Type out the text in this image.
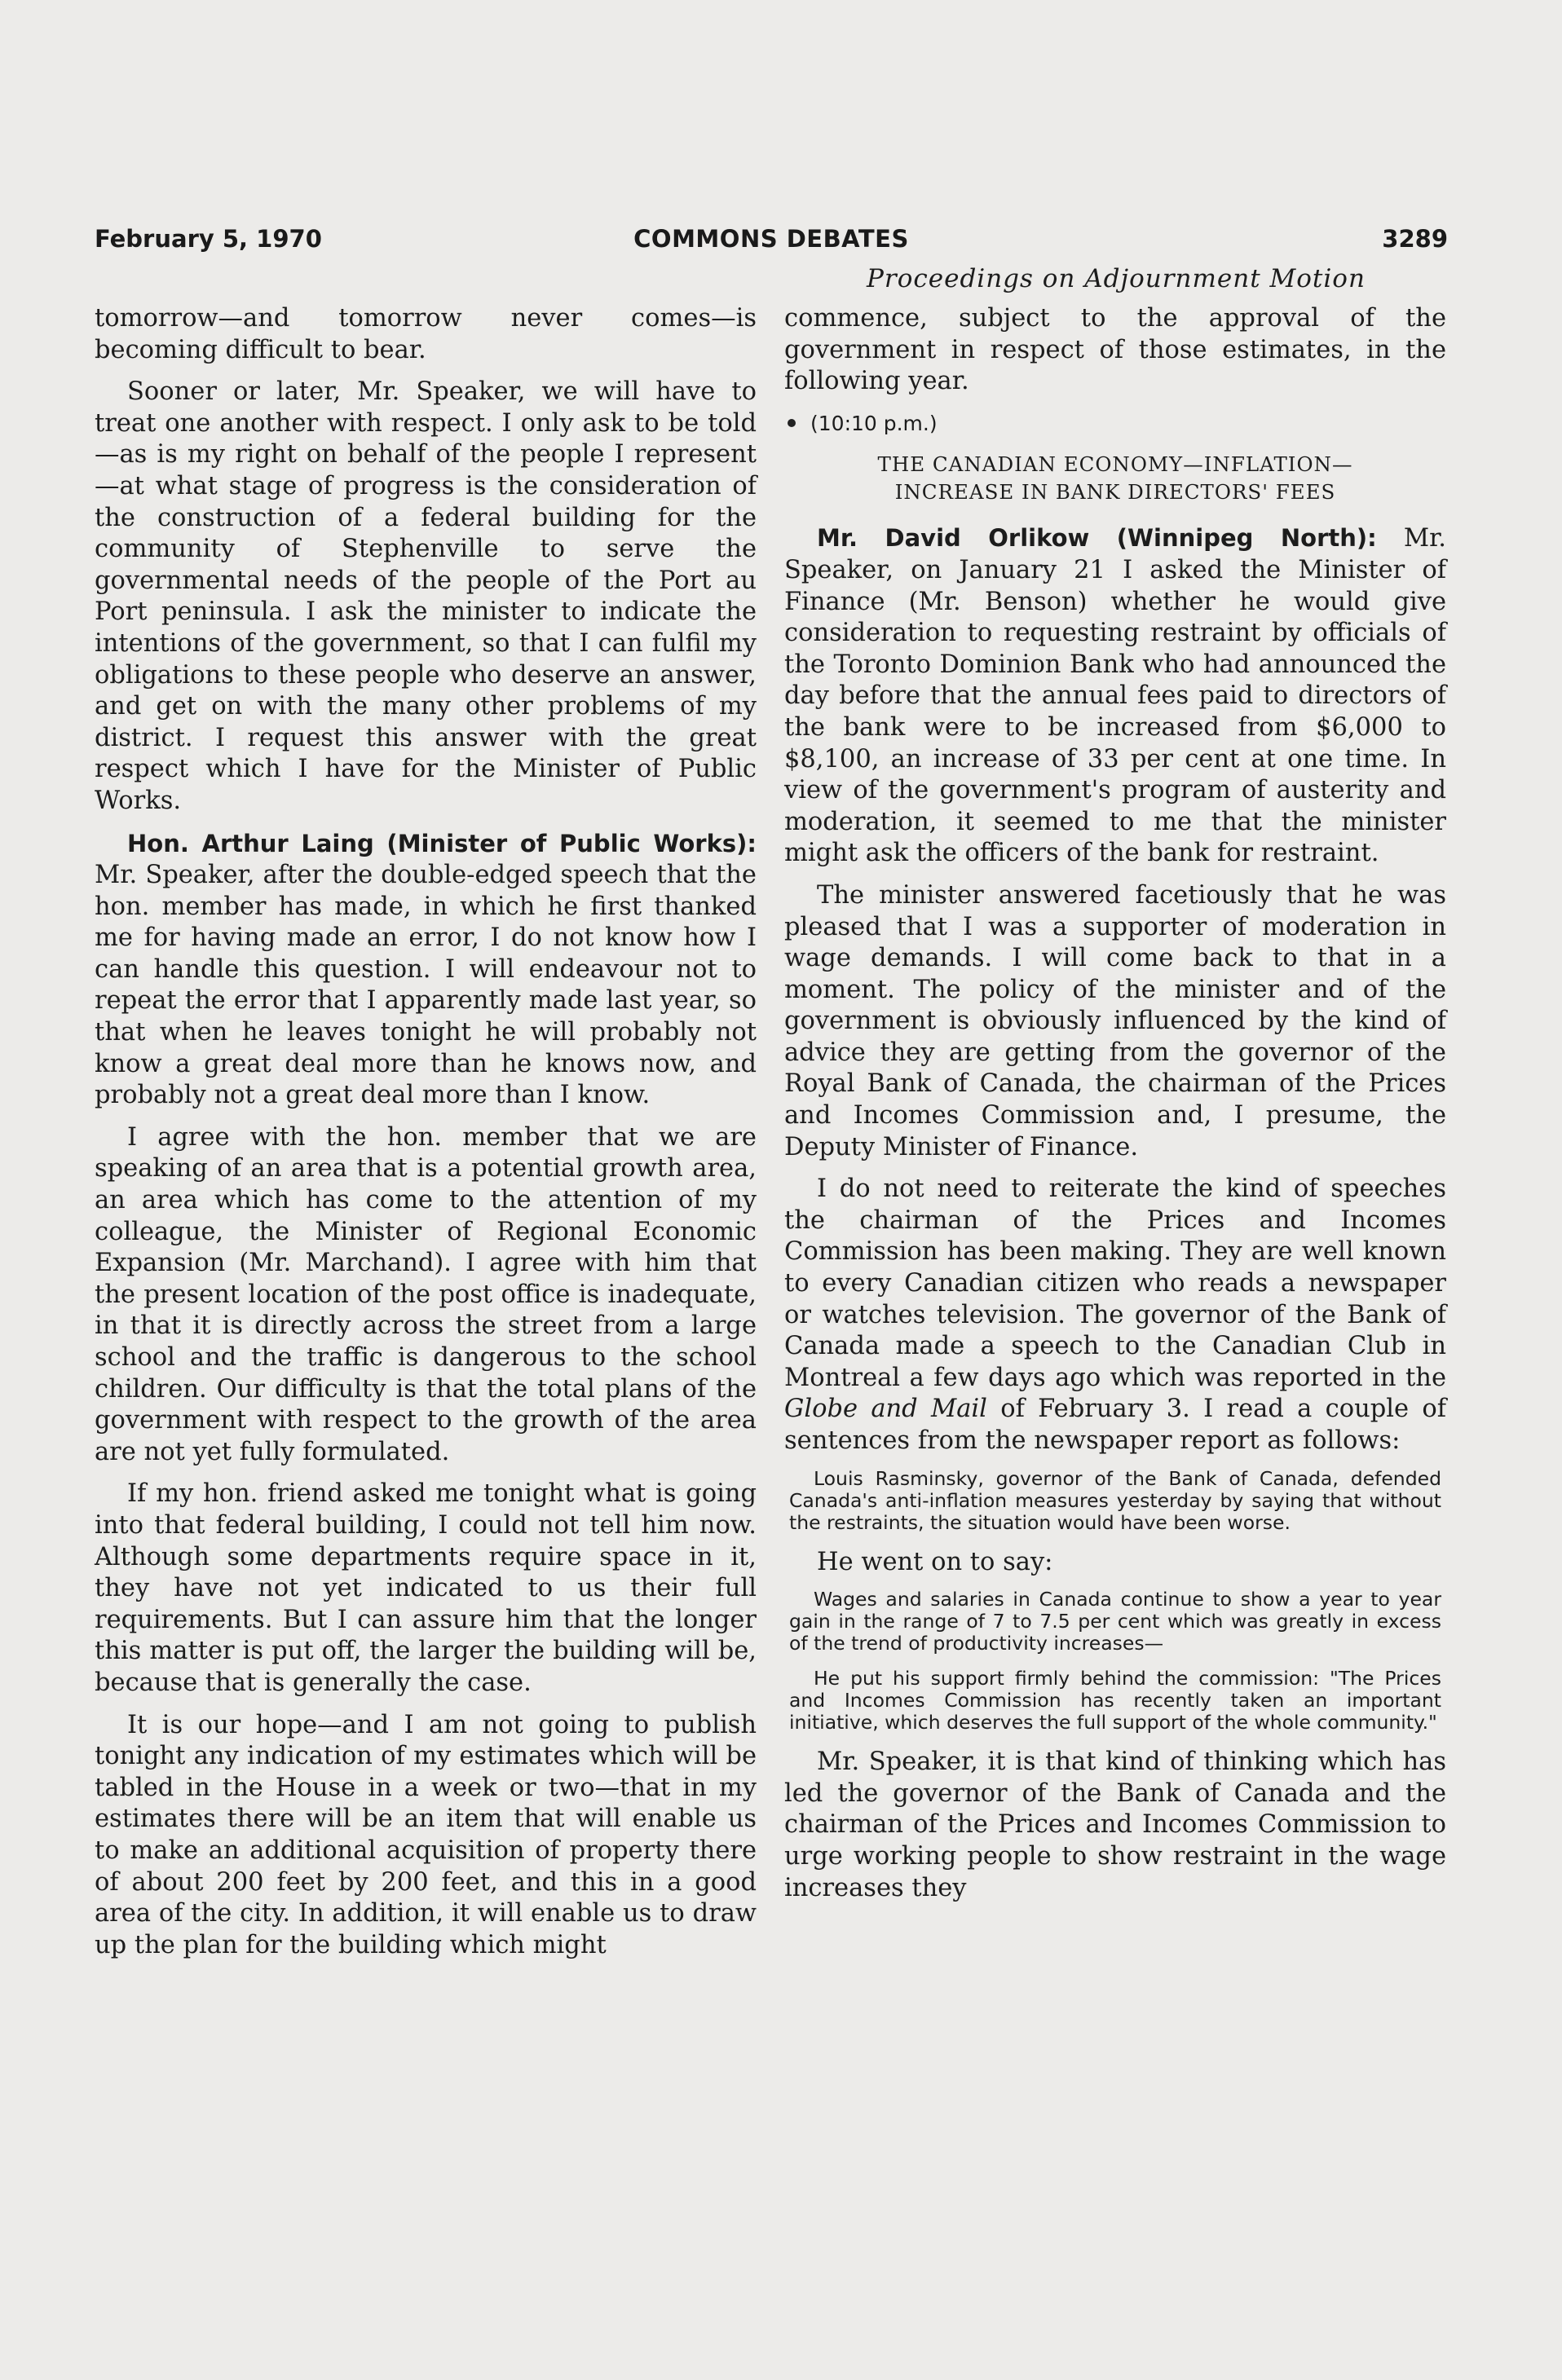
February 5, 1970	COMMONS DEBATES	3289
Proceedings on Adjournment Motion

tomorrow—and tomorrow never comes—is becoming difficult to bear.

Sooner or later, Mr. Speaker, we will have to treat one another with respect. I only ask to be told—as is my right on behalf of the people I represent—at what stage of progress is the consideration of the construction of a federal building for the community of Stephenville to serve the governmental needs of the people of the Port au Port peninsula. I ask the minister to indicate the intentions of the government, so that I can fulfil my obligations to these people who deserve an answer, and get on with the many other problems of my district. I request this answer with the great respect which I have for the Minister of Public Works.

Hon. Arthur Laing (Minister of Public Works): Mr. Speaker, after the double-edged speech that the hon. member has made, in which he first thanked me for having made an error, I do not know how I can handle this question. I will endeavour not to repeat the error that I apparently made last year, so that when he leaves tonight he will probably not know a great deal more than he knows now, and probably not a great deal more than I know.

I agree with the hon. member that we are speaking of an area that is a potential growth area, an area which has come to the attention of my colleague, the Minister of Regional Economic Expansion (Mr. Marchand). I agree with him that the present location of the post office is inadequate, in that it is directly across the street from a large school and the traffic is dangerous to the school children. Our difficulty is that the total plans of the government with respect to the growth of the area are not yet fully formulated.

If my hon. friend asked me tonight what is going into that federal building, I could not tell him now. Although some departments require space in it, they have not yet indicated to us their full requirements. But I can assure him that the longer this matter is put off, the larger the building will be, because that is generally the case.

It is our hope—and I am not going to publish tonight any indication of my estimates which will be tabled in the House in a week or two—that in my estimates there will be an item that will enable us to make an additional acquisition of property there of about 200 feet by 200 feet, and this in a good area of the city. In addition, it will enable us to draw up the plan for the building which might

commence, subject to the approval of the government in respect of those estimates, in the following year.

(10:10 p.m.)
THE CANADIAN ECONOMY—INFLATION—
INCREASE IN BANK DIRECTORS' FEES

Mr. David Orlikow (Winnipeg North): Mr. Speaker, on January 21 I asked the Minister of Finance (Mr. Benson) whether he would give consideration to requesting restraint by officials of the Toronto Dominion Bank who had announced the day before that the annual fees paid to directors of the bank were to be increased from $6,000 to $8,100, an increase of 33 per cent at one time. In view of the government's program of austerity and moderation, it seemed to me that the minister might ask the officers of the bank for restraint.

The minister answered facetiously that he was pleased that I was a supporter of moderation in wage demands. I will come back to that in a moment. The policy of the minister and of the government is obviously influenced by the kind of advice they are getting from the governor of the Royal Bank of Canada, the chairman of the Prices and Incomes Commission and, I presume, the Deputy Minister of Finance.

I do not need to reiterate the kind of speeches the chairman of the Prices and Incomes Commission has been making. They are well known to every Canadian citizen who reads a newspaper or watches television. The governor of the Bank of Canada made a speech to the Canadian Club in Montreal a few days ago which was reported in the Globe and Mail of February 3. I read a couple of sentences from the newspaper report as follows:

Louis Rasminsky, governor of the Bank of Canada, defended Canada's anti-inflation measures yesterday by saying that without the restraints, the situation would have been worse.

He went on to say:

Wages and salaries in Canada continue to show a year to year gain in the range of 7 to 7.5 per cent which was greatly in excess of the trend of productivity increases—
He put his support firmly behind the commission: "The Prices and Incomes Commission has recently taken an important initiative, which deserves the full support of the whole community."

Mr. Speaker, it is that kind of thinking which has led the governor of the Bank of Canada and the chairman of the Prices and Incomes Commission to urge working people to show restraint in the wage increases they
